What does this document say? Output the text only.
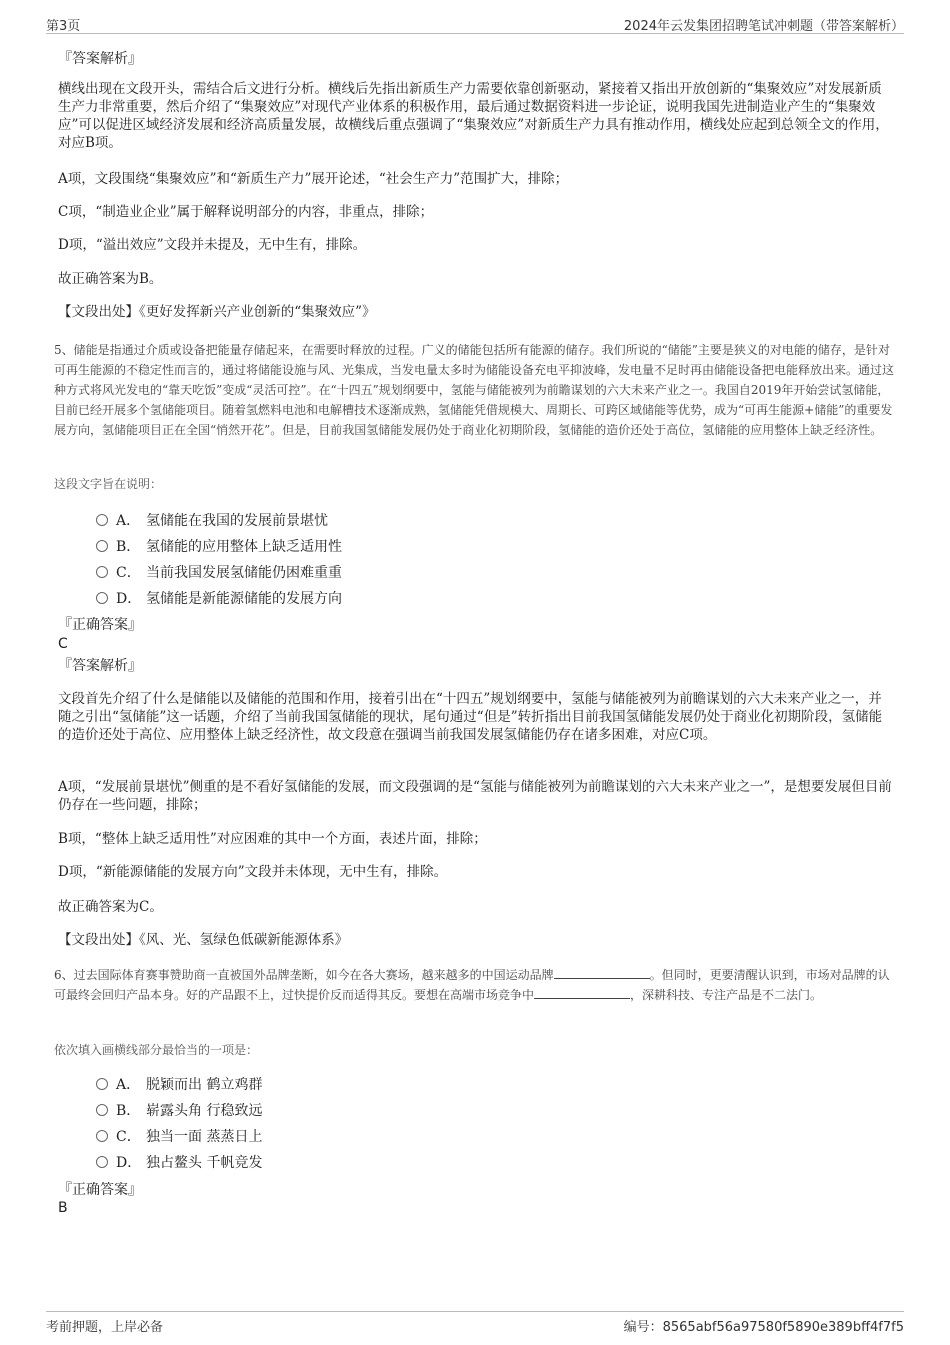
第3页	2024年云发集团招聘笔试冲刺题（带答案解析）
『答案解析』
横线出现在文段开头，需结合后文进行分析。横线后先指出新质生产力需要依靠创新驱动，紧接着又指出开放创新的“集聚效应”对发展新质生产力非常重要，然后介绍了“集聚效应”对现代产业体系的积极作用，最后通过数据资料进一步论证，说明我国先进制造业产生的“集聚效应”可以促进区域经济发展和经济高质量发展，故横线后重点强调了“集聚效应”对新质生产力具有推动作用，横线处应起到总领全文的作用，对应B项。
A项，文段围绕“集聚效应”和“新质生产力”展开论述，“社会生产力”范围扩大，排除；
C项，“制造业企业”属于解释说明部分的内容，非重点，排除；
D项，“溢出效应”文段并未提及，无中生有，排除。
故正确答案为B。
【文段出处】《更好发挥新兴产业创新的“集聚效应”》
5、储能是指通过介质或设备把能量存储起来，在需要时释放的过程。广义的储能包括所有能源的储存。我们所说的“储能”主要是狭义的对电能的储存，是针对可再生能源的不稳定性而言的，通过将储能设施与风、光集成，当发电量太多时为储能设备充电平抑波峰，发电量不足时再由储能设备把电能释放出来。通过这种方式将风光发电的“靠天吃饭”变成“灵活可控”。在“十四五”规划纲要中，氢能与储能被列为前瞻谋划的六大未来产业之一。我国自2019年开始尝试氢储能，目前已经开展多个氢储能项目。随着氢燃料电池和电解槽技术逐渐成熟，氢储能凭借规模大、周期长、可跨区域储能等优势，成为“可再生能源+储能”的重要发展方向，氢储能项目正在全国“悄然开花”。但是，目前我国氢储能发展仍处于商业化初期阶段，氢储能的造价还处于高位，氢储能的应用整体上缺乏经济性。
这段文字旨在说明：
A． 氢储能在我国的发展前景堪忧
B． 氢储能的应用整体上缺乏适用性
C． 当前我国发展氢储能仍困难重重
D． 氢储能是新能源储能的发展方向
『正确答案』
C
『答案解析』
文段首先介绍了什么是储能以及储能的范围和作用，接着引出在“十四五”规划纲要中，氢能与储能被列为前瞻谋划的六大未来产业之一，并随之引出“氢储能”这一话题，介绍了当前我国氢储能的现状，尾句通过“但是”转折指出目前我国氢储能发展仍处于商业化初期阶段，氢储能的造价还处于高位、应用整体上缺乏经济性，故文段意在强调当前我国发展氢储能仍存在诸多困难，对应C项。
A项，“发展前景堪忧”侧重的是不看好氢储能的发展，而文段强调的是“氢能与储能被列为前瞻谋划的六大未来产业之一”，是想要发展但目前仍存在一些问题，排除；
B项，“整体上缺乏适用性”对应困难的其中一个方面，表述片面，排除；
D项，“新能源储能的发展方向”文段并未体现，无中生有，排除。
故正确答案为C。
【文段出处】《风、光、氢绿色低碳新能源体系》
6、过去国际体育赛事赞助商一直被国外品牌垄断，如今在各大赛场，越来越多的中国运动品牌	。但同时，更要清醒认识到，市场对品牌的认可最终会回归产品本身。好的产品跟不上，过快提价反而适得其反。要想在高端市场竞争中	，深耕科技、专注产品是不二法门。
依次填入画横线部分最恰当的一项是：
A． 脱颖而出 鹤立鸡群
B． 崭露头角 行稳致远
C． 独当一面 蒸蒸日上
D． 独占鳌头 千帆竞发
『正确答案』
B
考前押题，上岸必备	编号：8565abf56a97580f5890e389bff4f7f5
